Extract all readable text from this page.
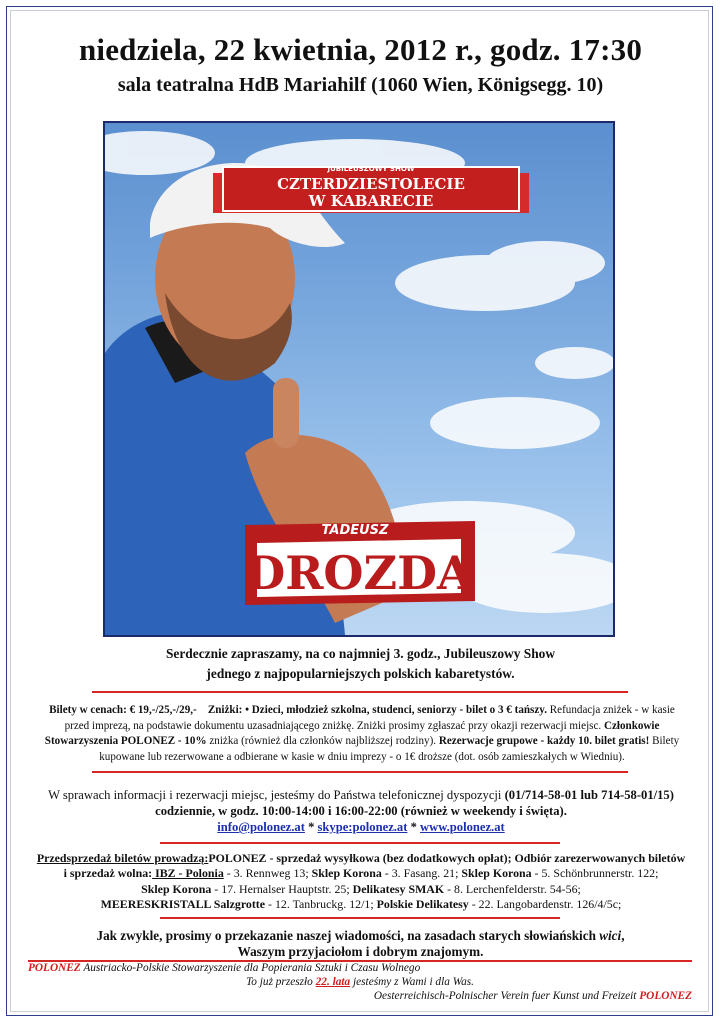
niedziela, 22 kwietnia, 2012 r., godz. 17:30
sala teatralna HdB Mariahilf (1060 Wien, Königsegg. 10)
JUBILEUSZOWY SHOW
CZTERDZIESTOLECIE
W KABARECIE
TADEUSZ
DROZDA
Serdecznie zapraszamy, na co najmniej 3. godz., Jubileuszowy Show
jednego z najpopularniejszych polskich kabaretystów.
Bilety w cenach: € 19,-/25,-/29,- Zniżki: • Dzieci, młodzież szkolna, studenci, seniorzy - bilet o 3 € tańszy. Refundacja zniżek - w kasie przed imprezą, na podstawie dokumentu uzasadniającego zniżkę. Zniżki prosimy zgłaszać przy okazji rezerwacji miejsc. Członkowie Stowarzyszenia POLONEZ - 10% zniżka (również dla członków najbliższej rodziny). Rezerwacje grupowe - każdy 10. bilet gratis! Bilety kupowane lub rezerwowane a odbierane w kasie w dniu imprezy - o 1€ droższe (dot. osób zamieszkałych w Wiedniu).
W sprawach informacji i rezerwacji miejsc, jesteśmy do Państwa telefonicznej dyspozycji (01/714-58-01 lub 714-58-01/15)
codziennie, w godz. 10:00-14:00 i 16:00-22:00 (również w weekendy i święta).
info@polonez.at * skype:polonez.at * www.polonez.at
Przedsprzedaż biletów prowadzą:POLONEZ - sprzedaż wysyłkowa (bez dodatkowych opłat); Odbiór zarezerwowanych biletów
i sprzedaż wolna: IBZ - Polonia - 3. Rennweg 13; Sklep Korona - 3. Fasang. 21; Sklep Korona - 5. Schönbrunnerstr. 122;
Sklep Korona - 17. Hernalser Hauptstr. 25; Delikatesy SMAK - 8. Lerchenfelderstr. 54-56;
MEERESKRISTALL Salzgrotte - 12. Tanbruckg. 12/1; Polskie Delikatesy - 22. Langobardenstr. 126/4/5c;
Jak zwykle, prosimy o przekazanie naszej wiadomości, na zasadach starych słowiańskich wici,
Waszym przyjaciołom i dobrym znajomym.
POLONEZ Austriacko-Polskie Stowarzyszenie dla Popierania Sztuki i Czasu Wolnego
To już przeszło 22. lata jesteśmy z Wami i dla Was.
Oesterreichisch-Polnischer Verein fuer Kunst und Freizeit POLONEZ
